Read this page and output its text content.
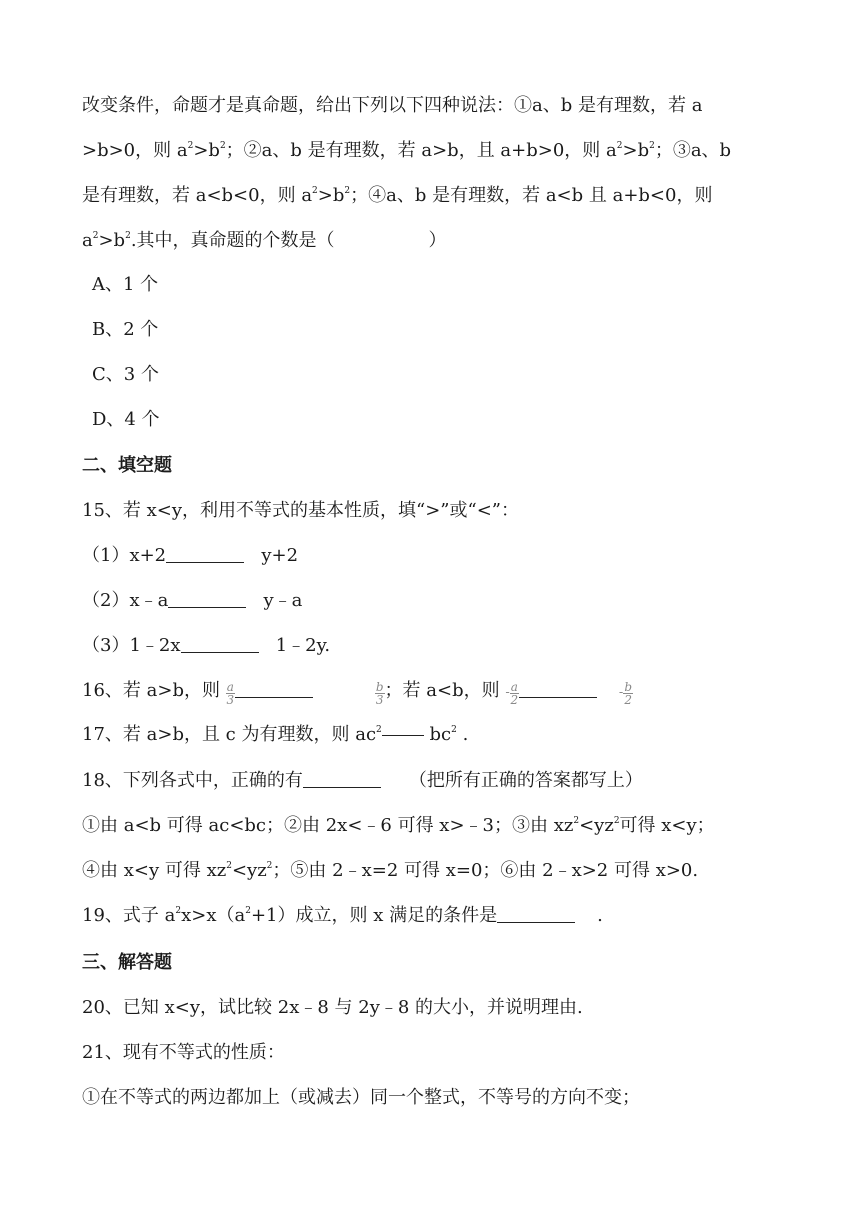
改变条件，命题才是真命题，给出下列以下四种说法：①a、b 是有理数，若 a
>b>0，则 $a^2>b^2$；②a、b 是有理数，若 a>b，且 a+b>0，则 $a^2>b^2$；③a、b
是有理数，若 a<b<0，则 $a^2>b^2$；④a、b 是有理数，若 a<b 且 a+b<0，则
$a^2>b^2$.其中，真命题的个数是（	）
A、1 个
B、2 个
C、3 个
D、4 个
二、填空题
15、若 x<y，利用不等式的基本性质，填“>”或“<”：
（1）x+2	y+2
（2）x﹣a	y﹣a
（3）1﹣2x	1﹣2y.
16、若 a>b，则 $\frac{a}{3}$	$\frac{b}{3}$ ；若 a<b，则 - $\frac{a}{2}$	- $\frac{b}{2}$
17、若 a>b，且 c 为有理数，则 $ac^2$	$bc^2$ .
18、下列各式中，正确的有	（把所有正确的答案都写上）
①由 a<b 可得 ac<bc；②由 2x<﹣6 可得 x>﹣3；③由 $xz^2<yz^2$可得 x<y；
④由 x<y 可得 $xz^2<yz^2$；⑤由 2﹣x=2 可得 x=0；⑥由 2﹣x>2 可得 x>0.
19、式子 $a^2x>x(a^2+1)$成立，则 x 满足的条件是	.
三、解答题
20、已知 x<y，试比较 2x﹣8 与 2y﹣8 的大小，并说明理由.
21、现有不等式的性质：
①在不等式的两边都加上（或减去）同一个整式，不等号的方向不变；
